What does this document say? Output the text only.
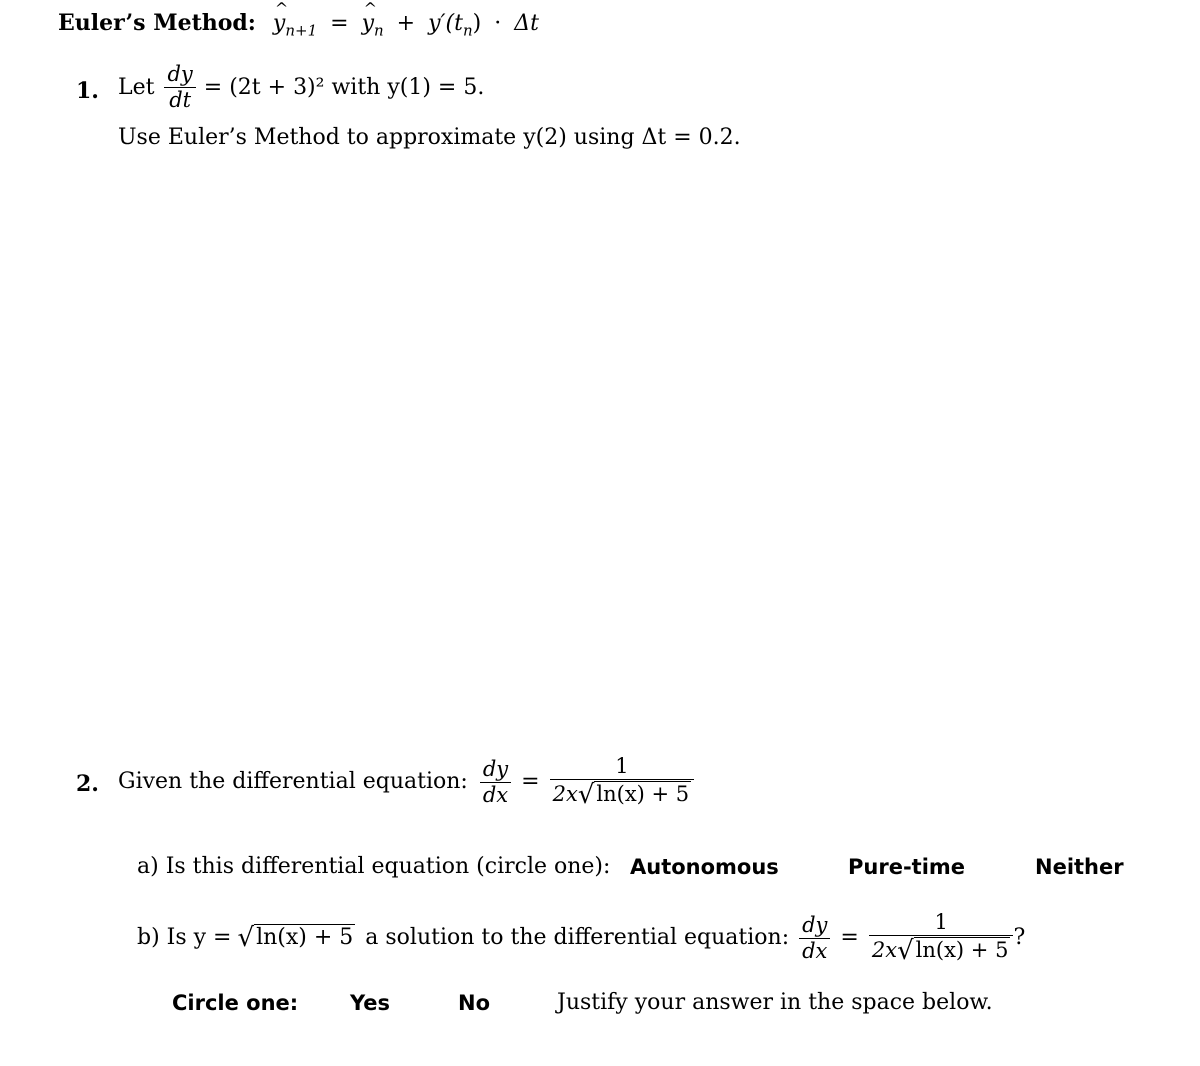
Euler’s Method: ^ $y_{n+1}$ = ^ $y_n + y'(t_n) \cdot \Delta t$
1. Let $\frac{dy}{dt} = (2t + 3)^2$ with y(1) = 5.
Use Euler’s Method to approximate y(2) using Δt = 0.2.
2. Given the differential equation: $\frac{dy}{dx} = \frac{1}{2x√\ln(x) + 5}$
a) Is this differential equation (circle one): Autonomous	Pure-time	Neither
b) Is y = √ln(x) + 5 a solution to the differential equation: $\frac{dy}{dx} = \frac{1}{2x√\ln(x) + 5}$ ?
Circle one: Yes	No	Justify your answer in the space below.
